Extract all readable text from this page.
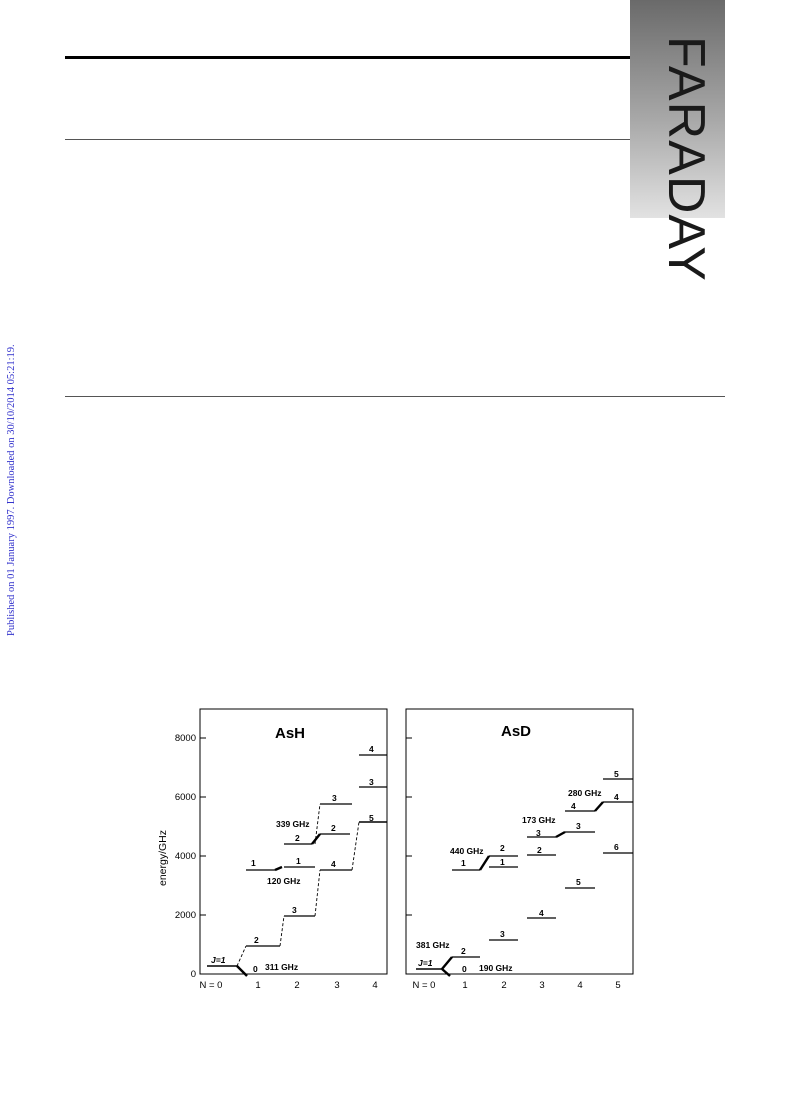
FARADAY
Published on 01 January 1997. Downloaded on 30/10/2014 05:21:19.
energy/GHz
0
2000
4000
6000
8000	AsH
J=1
0
2
1
3
1
2
4
2
3
5
3
4
311 GHz
120 GHz
339 GHz
N = 0	1	2	3	4
AsD
J=1
0
2
1
3
1
2
4
2
3
5
3
4
6
4
5
381 GHz
190 GHz
440 GHz
173 GHz
280 GHz
N = 0	1	2	3	4	5
